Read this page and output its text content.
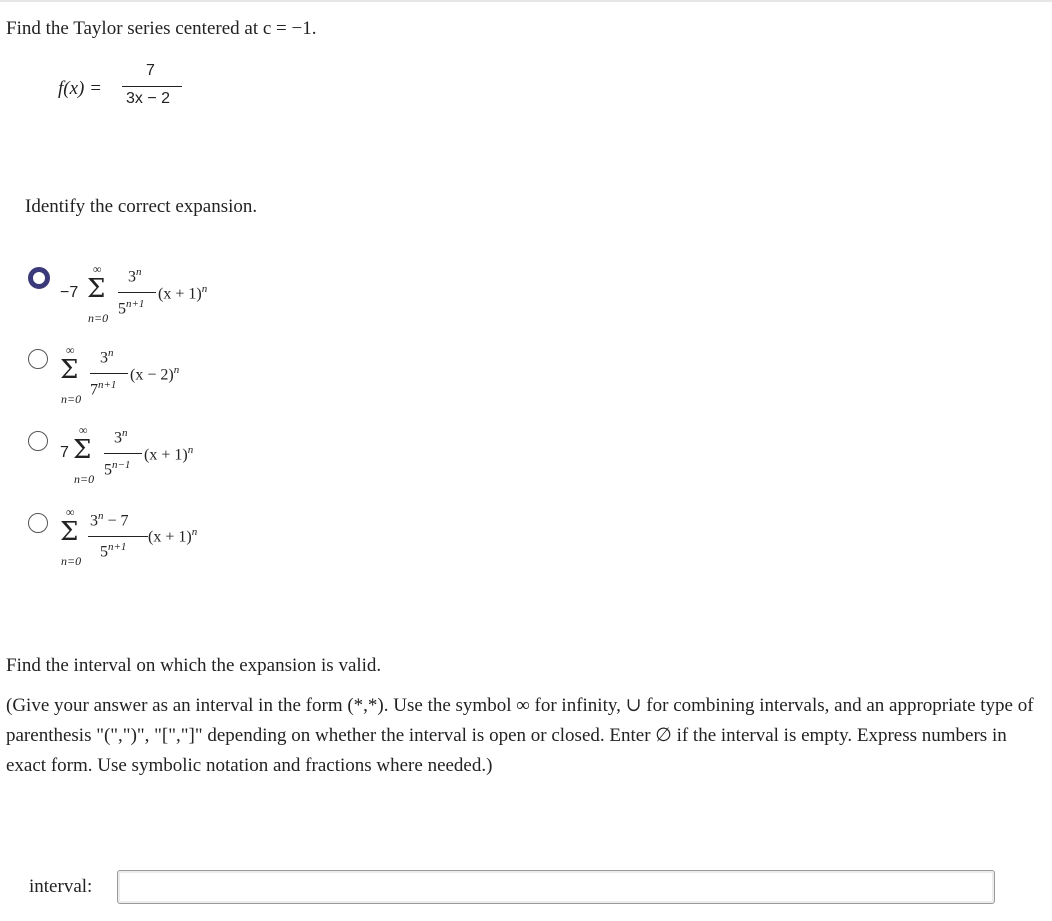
Find the Taylor series centered at c = −1.
f(x) =
7
3x − 2
Identify the correct expansion.
−7
∞
Σ
n=0
3$^n$
$5^{n+1}$
$(x + 1)^n$
∞
Σ
n=0
3$^n$
$7^{n+1}$
$(x - 2)^n$
7
∞
Σ
n=0
3$^n$
$5^{n-1}$
$(x + 1)^n$
∞
Σ
n=0
$3^n - 7$
$5^{n+1}$
$(x + 1)^n$
Find the interval on which the expansion is valid.
(Give your answer as an interval in the form (*,*). Use the symbol ∞ for infinity, ∪ for combining intervals, and an appropriate type of parenthesis "(",")", "[","]" depending on whether the interval is open or closed. Enter ∅ if the interval is empty. Express numbers in exact form. Use symbolic notation and fractions where needed.)
interval:
